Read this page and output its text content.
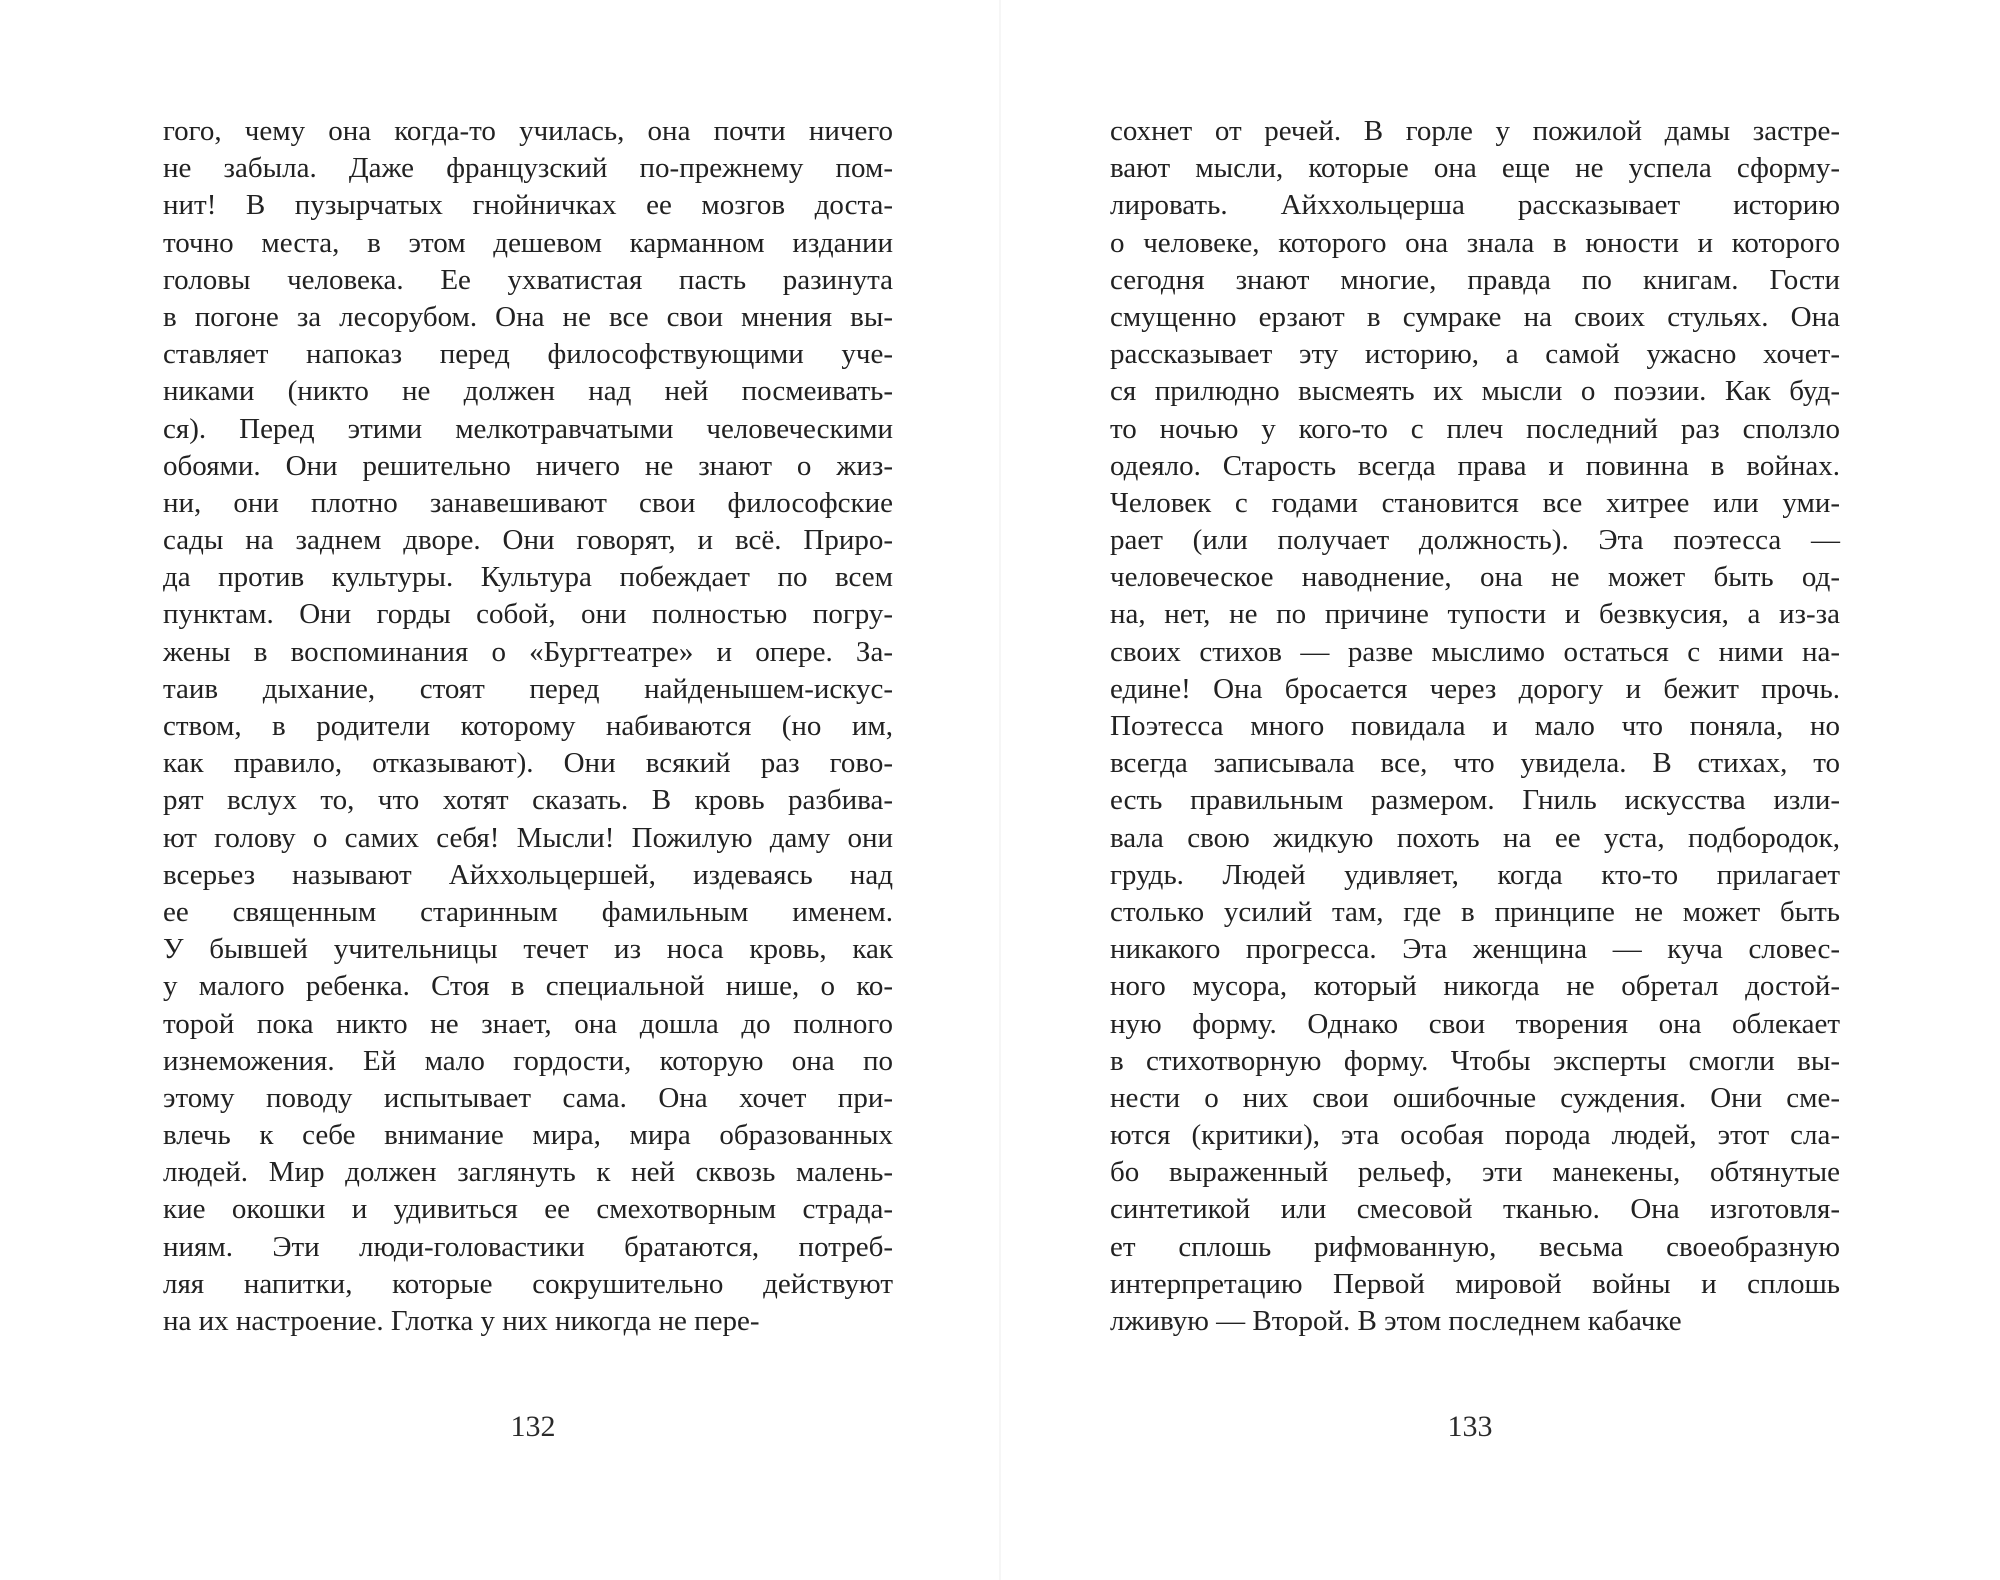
гого, чему она когда-то училась, она почти ничего
не забыла. Даже французский по-прежнему пом-
нит! В пузырчатых гнойничках ее мозгов доста-
точно места, в этом дешевом карманном издании
головы человека. Ее ухватистая пасть разинута
в погоне за лесорубом. Она не все свои мнения вы-
ставляет напоказ перед философствующими уче-
никами (никто не должен над ней посмеивать-
ся). Перед этими мелкотравчатыми человеческими
обоями. Они решительно ничего не знают о жиз-
ни, они плотно занавешивают свои философские
сады на заднем дворе. Они говорят, и всё. Приро-
да против культуры. Культура побеждает по всем
пунктам. Они горды собой, они полностью погру-
жены в воспоминания о «Бургтеатре» и опере. За-
таив дыхание, стоят перед найденышем-искус-
ством, в родители которому набиваются (но им,
как правило, отказывают). Они всякий раз гово-
рят вслух то, что хотят сказать. В кровь разбива-
ют голову о самих себя! Мысли! Пожилую даму они
всерьез называют Айххольцершей, издеваясь над
ее священным старинным фамильным именем.
У бывшей учительницы течет из носа кровь, как
у малого ребенка. Стоя в специальной нише, о ко-
торой пока никто не знает, она дошла до полного
изнеможения. Ей мало гордости, которую она по
этому поводу испытывает сама. Она хочет при-
влечь к себе внимание мира, мира образованных
людей. Мир должен заглянуть к ней сквозь малень-
кие окошки и удивиться ее смехотворным страда-
ниям. Эти люди-головастики братаются, потреб-
ляя напитки, которые сокрушительно действуют
на их настроение. Глотка у них никогда не пере-
132
сохнет от речей. В горле у пожилой дамы застре-
вают мысли, которые она еще не успела сформу-
лировать. Айххольцерша рассказывает историю
о человеке, которого она знала в юности и которого
сегодня знают многие, правда по книгам. Гости
смущенно ерзают в сумраке на своих стульях. Она
рассказывает эту историю, а самой ужасно хочет-
ся прилюдно высмеять их мысли о поэзии. Как буд-
то ночью у кого-то с плеч последний раз сползло
одеяло. Старость всегда права и повинна в войнах.
Человек с годами становится все хитрее или уми-
рает (или получает должность). Эта поэтесса —
человеческое наводнение, она не может быть од-
на, нет, не по причине тупости и безвкусия, а из-за
своих стихов — разве мыслимо остаться с ними на-
едине! Она бросается через дорогу и бежит прочь.
Поэтесса много повидала и мало что поняла, но
всегда записывала все, что увидела. В стихах, то
есть правильным размером. Гниль искусства изли-
вала свою жидкую похоть на ее уста, подбородок,
грудь. Людей удивляет, когда кто-то прилагает
столько усилий там, где в принципе не может быть
никакого прогресса. Эта женщина — куча словес-
ного мусора, который никогда не обретал достой-
ную форму. Однако свои творения она облекает
в стихотворную форму. Чтобы эксперты смогли вы-
нести о них свои ошибочные суждения. Они сме-
ются (критики), эта особая порода людей, этот сла-
бо выраженный рельеф, эти манекены, обтянутые
синтетикой или смесовой тканью. Она изготовля-
ет сплошь рифмованную, весьма своеобразную
интерпретацию Первой мировой войны и сплошь
лживую — Второй. В этом последнем кабачке
133
